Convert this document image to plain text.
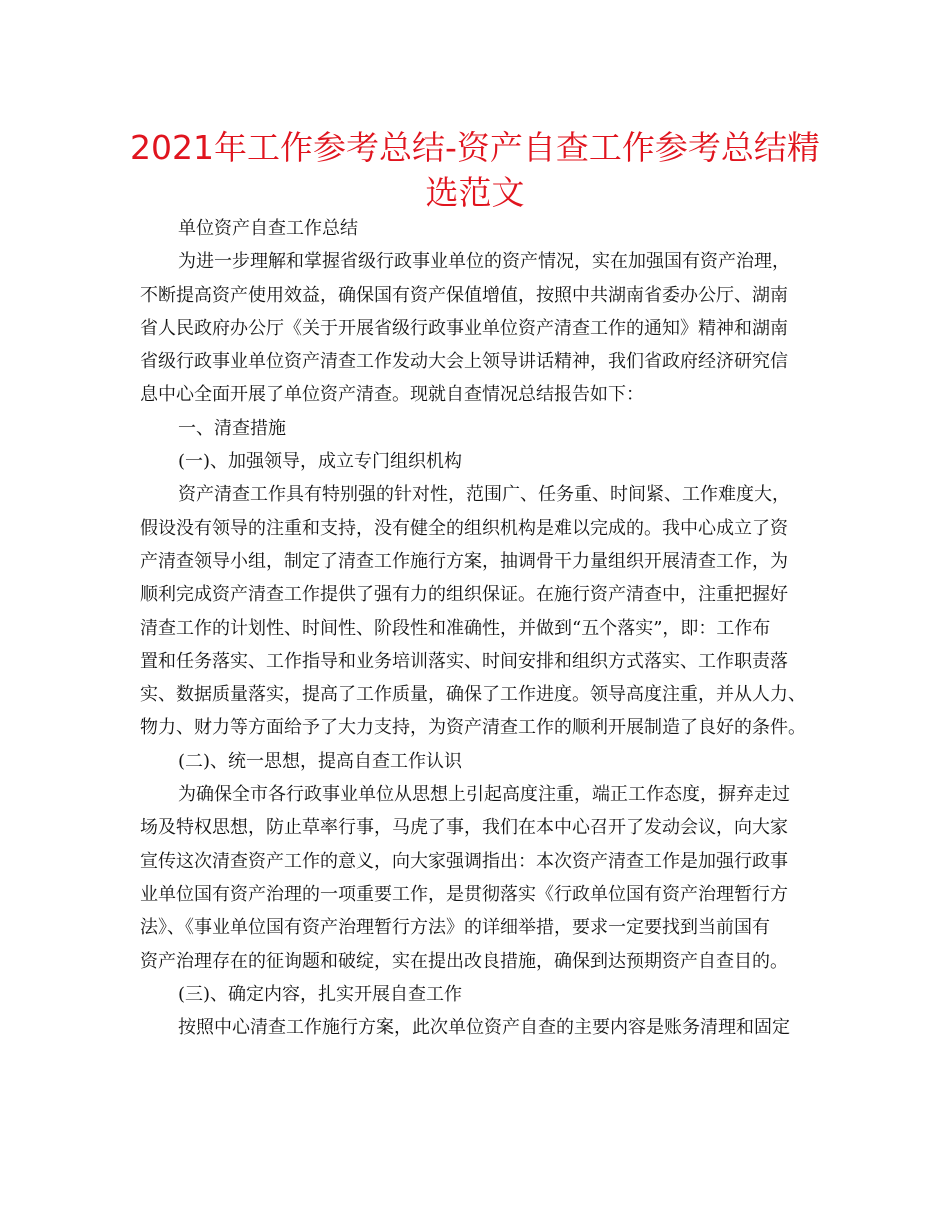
2021年工作参考总结-资产自查工作参考总结精
选范文
单位资产自查工作总结
为进一步理解和掌握省级行政事业单位的资产情况，实在加强国有资产治理，
不断提高资产使用效益，确保国有资产保值增值，按照中共湖南省委办公厅、湖南
省人民政府办公厅《关于开展省级行政事业单位资产清查工作的通知》精神和湖南
省级行政事业单位资产清查工作发动大会上领导讲话精神，我们省政府经济研究信
息中心全面开展了单位资产清查。现就自查情况总结报告如下：
一、清查措施
(一)、加强领导，成立专门组织机构
资产清查工作具有特别强的针对性，范围广、任务重、时间紧、工作难度大，
假设没有领导的注重和支持，没有健全的组织机构是难以完成的。我中心成立了资
产清查领导小组，制定了清查工作施行方案，抽调骨干力量组织开展清查工作，为
顺利完成资产清查工作提供了强有力的组织保证。在施行资产清查中，注重把握好
清查工作的计划性、时间性、阶段性和准确性，并做到“五个落实”，即：工作布
置和任务落实、工作指导和业务培训落实、时间安排和组织方式落实、工作职责落
实、数据质量落实，提高了工作质量，确保了工作进度。领导高度注重，并从人力、
物力、财力等方面给予了大力支持，为资产清查工作的顺利开展制造了良好的条件。
(二)、统一思想，提高自查工作认识
为确保全市各行政事业单位从思想上引起高度注重，端正工作态度，摒弃走过
场及特权思想，防止草率行事，马虎了事，我们在本中心召开了发动会议，向大家
宣传这次清查资产工作的意义，向大家强调指出：本次资产清查工作是加强行政事
业单位国有资产治理的一项重要工作，是贯彻落实《行政单位国有资产治理暂行方
法》、《事业单位国有资产治理暂行方法》的详细举措，要求一定要找到当前国有
资产治理存在的征询题和破绽，实在提出改良措施，确保到达预期资产自查目的。
(三)、确定内容，扎实开展自查工作
按照中心清查工作施行方案，此次单位资产自查的主要内容是账务清理和固定
